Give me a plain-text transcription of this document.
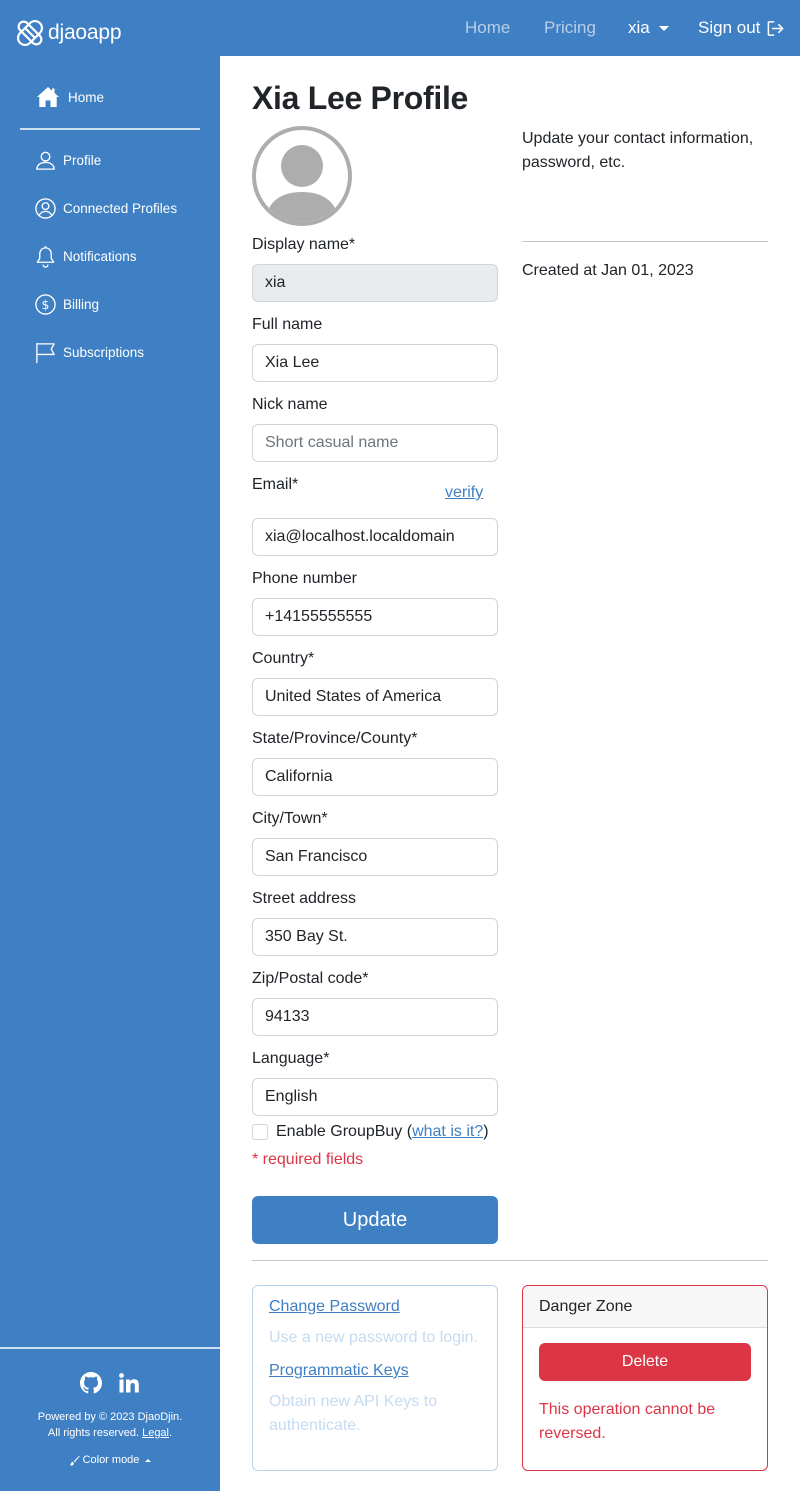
djaoapp	Home Pricing xia	Sign out
Home
Profile
Connected Profiles
Notifications
$ Billing
Subscriptions
Powered by © 2023 DjaoDjin.
All rights reserved. Legal.
Color mode
Xia Lee Profile
Update your contact information, password, etc.
Created at Jan 01, 2023
Display name*
xia
Full name
Xia Lee
Nick name
Short casual name
Email*	verify
xia@localhost.localdomain
Phone number
+14155555555
Country*
United States of America
State/Province/County*
California
City/Town*
San Francisco
Street address
350 Bay St.
Zip/Postal code*
94133
Language*
English
Enable GroupBuy ( what is it? )
* required fields
Update
Change Password
Use a new password to login.
Programmatic Keys
Obtain new API Keys to authenticate.
Danger Zone
Delete
This operation cannot be reversed.
